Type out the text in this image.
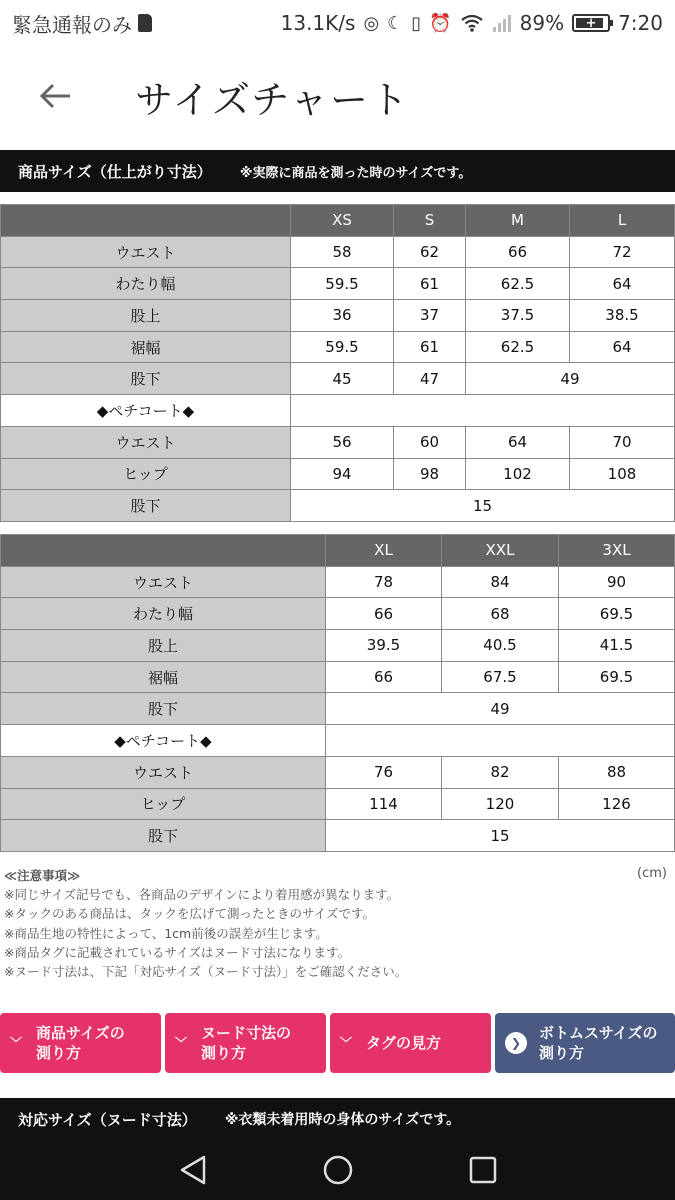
緊急通報のみ	13.1K/s ◎ ☾ ▯ ⏰	89% + 7:20
サイズチャート
商品サイズ（仕上がり寸法） ※実際に商品を測った時のサイズです。
	XS	S	M	L
ウエスト	58	62	66	72
わたり幅	59.5	61	62.5	64
股上	36	37	37.5	38.5
裾幅	59.5	61	62.5	64
股下	45	47	49	
◆ペチコート◆				
ウエスト	56	60	64	70
ヒップ	94	98	102	108
股下	15			
	XL	XXL	3XL
ウエスト	78	84	90
わたり幅	66	68	69.5
股上	39.5	40.5	41.5
裾幅	66	67.5	69.5
股下	49		
◆ペチコート◆			
ウエスト	76	82	88
ヒップ	114	120	126
股下	15		
≪注意事項≫
※同じサイズ記号でも、各商品のデザインにより着用感が異なります。
※タックのある商品は、タックを広げて測ったときのサイズです。
※商品生地の特性によって、1cm前後の誤差が生じます。
※商品タグに記載されているサイズはヌード寸法になります。
※ヌード寸法は、下記「対応サイズ（ヌード寸法）」をご確認ください。
(cm)
﹀
商品サイズの
測り方
﹀
ヌード寸法の
測り方
﹀ タグの見方	❯
ボトムスサイズの
測り方
対応サイズ（ヌード寸法） ※衣類未着用時の身体のサイズです。
